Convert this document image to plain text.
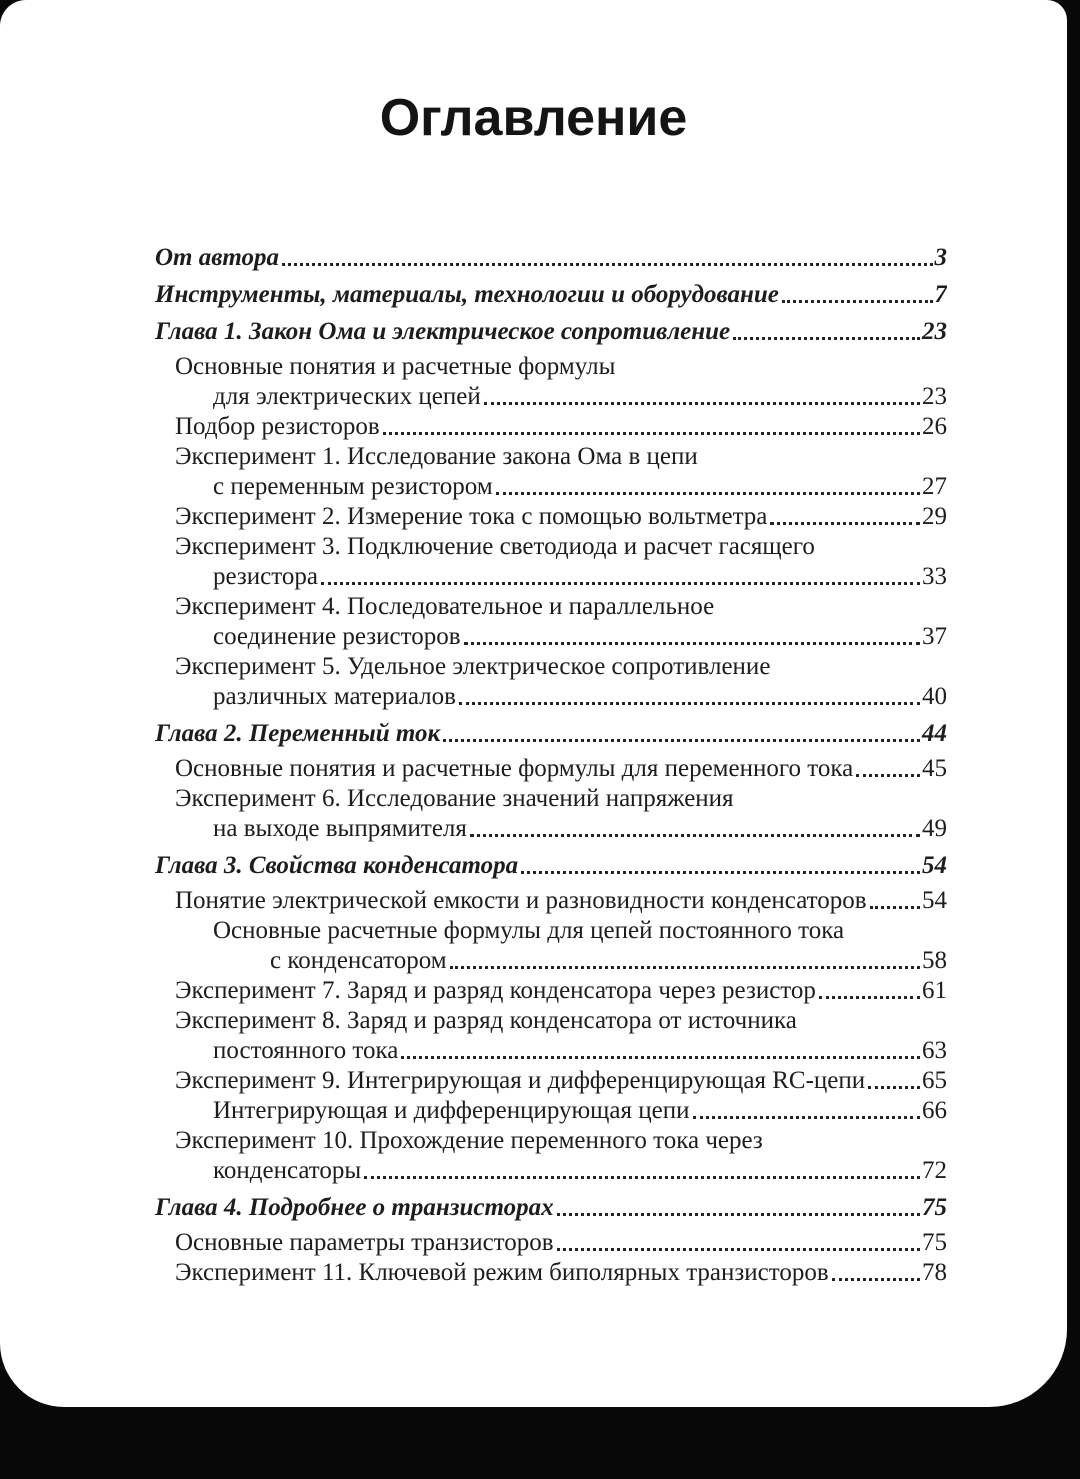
Оглавление
От автора	3
Инструменты, материалы, технологии и оборудование	7
Глава 1. Закон Ома и электрическое сопротивление	23
Основные понятия и расчетные формулы
для электрических цепей	23
Подбор резисторов	26
Эксперимент 1. Исследование закона Ома в цепи
с переменным резистором	27
Эксперимент 2. Измерение тока с помощью вольтметра	29
Эксперимент 3. Подключение светодиода и расчет гасящего
резистора	33
Эксперимент 4. Последовательное и параллельное
соединение резисторов	37
Эксперимент 5. Удельное электрическое сопротивление
различных материалов	40
Глава 2. Переменный ток	44
Основные понятия и расчетные формулы для переменного тока	45
Эксперимент 6. Исследование значений напряжения
на выходе выпрямителя	49
Глава 3. Свойства конденсатора	54
Понятие электрической емкости и разновидности конденсаторов 54
Основные расчетные формулы для цепей постоянного тока
с конденсатором	58
Эксперимент 7. Заряд и разряд конденсатора через резистор	61
Эксперимент 8. Заряд и разряд конденсатора от источника
постоянного тока	63
Эксперимент 9. Интегрирующая и дифференцирующая RC-цепи 65
Интегрирующая и дифференцирующая цепи	66
Эксперимент 10. Прохождение переменного тока через
конденсаторы	72
Глава 4. Подробнее о транзисторах	75
Основные параметры транзисторов	75
Эксперимент 11. Ключевой режим биполярных транзисторов	78
